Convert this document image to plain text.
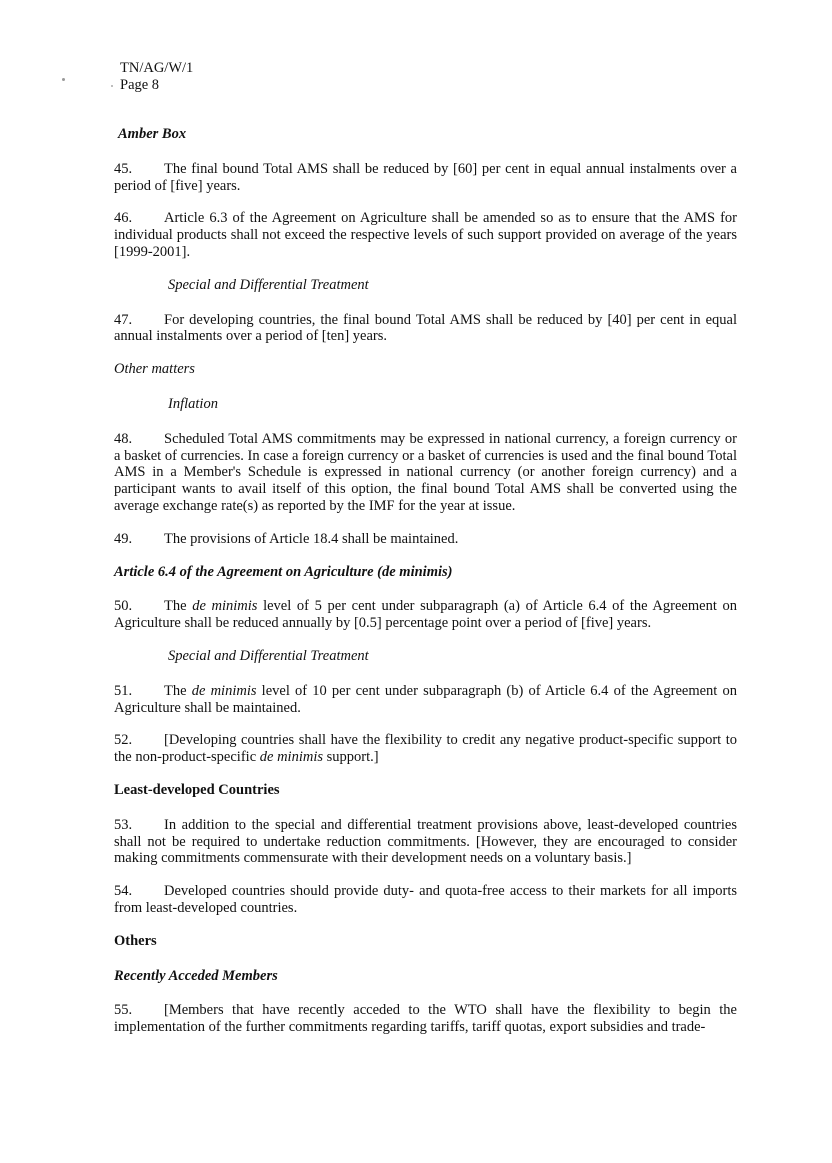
TN/AG/W/1
Page 8
Amber Box

45. The final bound Total AMS shall be reduced by [60] per cent in equal annual instalments over a period of [five] years.

46. Article 6.3 of the Agreement on Agriculture shall be amended so as to ensure that the AMS for individual products shall not exceed the respective levels of such support provided on average of the years [1999-2001].

Special and Differential Treatment

47. For developing countries, the final bound Total AMS shall be reduced by [40] per cent in equal annual instalments over a period of [ten] years.

Other matters
Inflation

48. Scheduled Total AMS commitments may be expressed in national currency, a foreign currency or a basket of currencies. In case a foreign currency or a basket of currencies is used and the final bound Total AMS in a Member's Schedule is expressed in national currency (or another foreign currency) and a participant wants to avail itself of this option, the final bound Total AMS shall be converted using the average exchange rate(s) as reported by the IMF for the year at issue.

49. The provisions of Article 18.4 shall be maintained.

Article 6.4 of the Agreement on Agriculture (de minimis)

50. The de minimis level of 5 per cent under subparagraph (a) of Article 6.4 of the Agreement on Agriculture shall be reduced annually by [0.5] percentage point over a period of [five] years.

Special and Differential Treatment

51. The de minimis level of 10 per cent under subparagraph (b) of Article 6.4 of the Agreement on Agriculture shall be maintained.

52. [Developing countries shall have the flexibility to credit any negative product-specific support to the non-product-specific de minimis support.]

Least-developed Countries

53. In addition to the special and differential treatment provisions above, least-developed countries shall not be required to undertake reduction commitments. [However, they are encouraged to consider making commitments commensurate with their development needs on a voluntary basis.]

54. Developed countries should provide duty- and quota-free access to their markets for all imports from least-developed countries.

Others
Recently Acceded Members

55. [Members that have recently acceded to the WTO shall have the flexibility to begin the implementation of the further commitments regarding tariffs, tariff quotas, export subsidies and trade-
